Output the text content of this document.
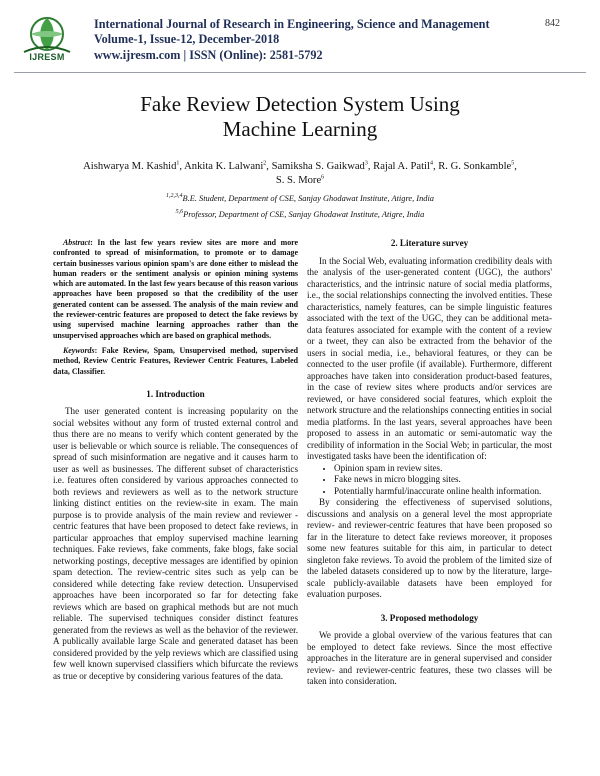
IJRESM
International Journal of Research in Engineering, Science and Management
Volume-1, Issue-12, December-2018
www.ijresm.com | ISSN (Online): 2581-5792
842
Fake Review Detection System Using
Machine Learning
Aishwarya M. Kashid$^1$, Ankita K. Lalwani$^2$, Samiksha S. Gaikwad$^3$, Rajal A. Patil$^4$, R. G. Sonkamble$^5$,
S. S. More$^6$
$^{1,2,3,4}$B.E. Student, Department of CSE, Sanjay Ghodawat Institute, Atigre, India
$^{5,6}$Professor, Department of CSE, Sanjay Ghodawat Institute, Atigre, India

Abstract: In the last few years review sites are more and more confronted to spread of misinformation, to promote or to damage certain businesses various opinion spam's are done either to mislead the human readers or the sentiment analysis or opinion mining systems which are automated. In the last few years because of this reason various approaches have been proposed so that the credibility of the user generated content can be assessed. The analysis of the main review and the reviewer-centric features are proposed to detect the fake reviews by using supervised machine learning approaches rather than the unsupervised approaches which are based on graphical methods.

Keywords: Fake Review, Spam, Unsupervised method, supervised method, Review Centric Features, Reviewer Centric Features, Labeled data, Classifier.

1. Introduction

The user generated content is increasing popularity on the social websites without any form of trusted external control and thus there are no means to verify which content generated by the user is believable or which source is reliable. The consequences of spread of such misinformation are negative and it causes harm to user as well as businesses. The different subset of characteristics i.e. features often considered by various approaches connected to both reviews and reviewers as well as to the network structure linking distinct entities on the review-site in exam. The main purpose is to provide analysis of the main review and reviewer -centric features that have been proposed to detect fake reviews, in particular approaches that employ supervised machine learning techniques. Fake reviews, fake comments, fake blogs, fake social networking postings, deceptive messages are identified by opinion spam detection. The review-centric sites such as yelp can be considered while detecting fake review detection. Unsupervised approaches have been incorporated so far for detecting fake reviews which are based on graphical methods but are not much reliable. The supervised techniques consider distinct features generated from the reviews as well as the behavior of the reviewer. A publically available large Scale and generated dataset has been considered provided by the yelp reviews which are classified using few well known supervised classifiers which bifurcate the reviews as true or deceptive by considering various features of the data.

2. Literature survey

In the Social Web, evaluating information credibility deals with the analysis of the user-generated content (UGC), the authors' characteristics, and the intrinsic nature of social media platforms, i.e., the social relationships connecting the involved entities. These characteristics, namely features, can be simple linguistic features associated with the text of the UGC, they can be additional meta-data features associated for example with the content of a review or a tweet, they can also be extracted from the behavior of the users in social media, i.e., behavioral features, or they can be connected to the user profile (if available). Furthermore, different approaches have taken into consideration product-based features, in the case of review sites where products and/or services are reviewed, or have considered social features, which exploit the network structure and the relationships connecting entities in social media platforms. In the last years, several approaches have been proposed to assess in an automatic or semi-automatic way the credibility of information in the Social Web; in particular, the most investigated tasks have been the identification of:

• Opinion spam in review sites.
• Fake news in micro blogging sites.
• Potentially harmful/inaccurate online health information.

By considering the effectiveness of supervised solutions, discussions and analysis on a general level the most appropriate review- and reviewer-centric features that have been proposed so far in the literature to detect fake reviews moreover, it proposes some new features suitable for this aim, in particular to detect singleton fake reviews. To avoid the problem of the limited size of the labeled datasets considered up to now by the literature, large-scale publicly-available datasets have been employed for evaluation purposes.

3. Proposed methodology

We provide a global overview of the various features that can be employed to detect fake reviews. Since the most effective approaches in the literature are in general supervised and consider review- and reviewer-centric features, these two classes will be taken into consideration.
